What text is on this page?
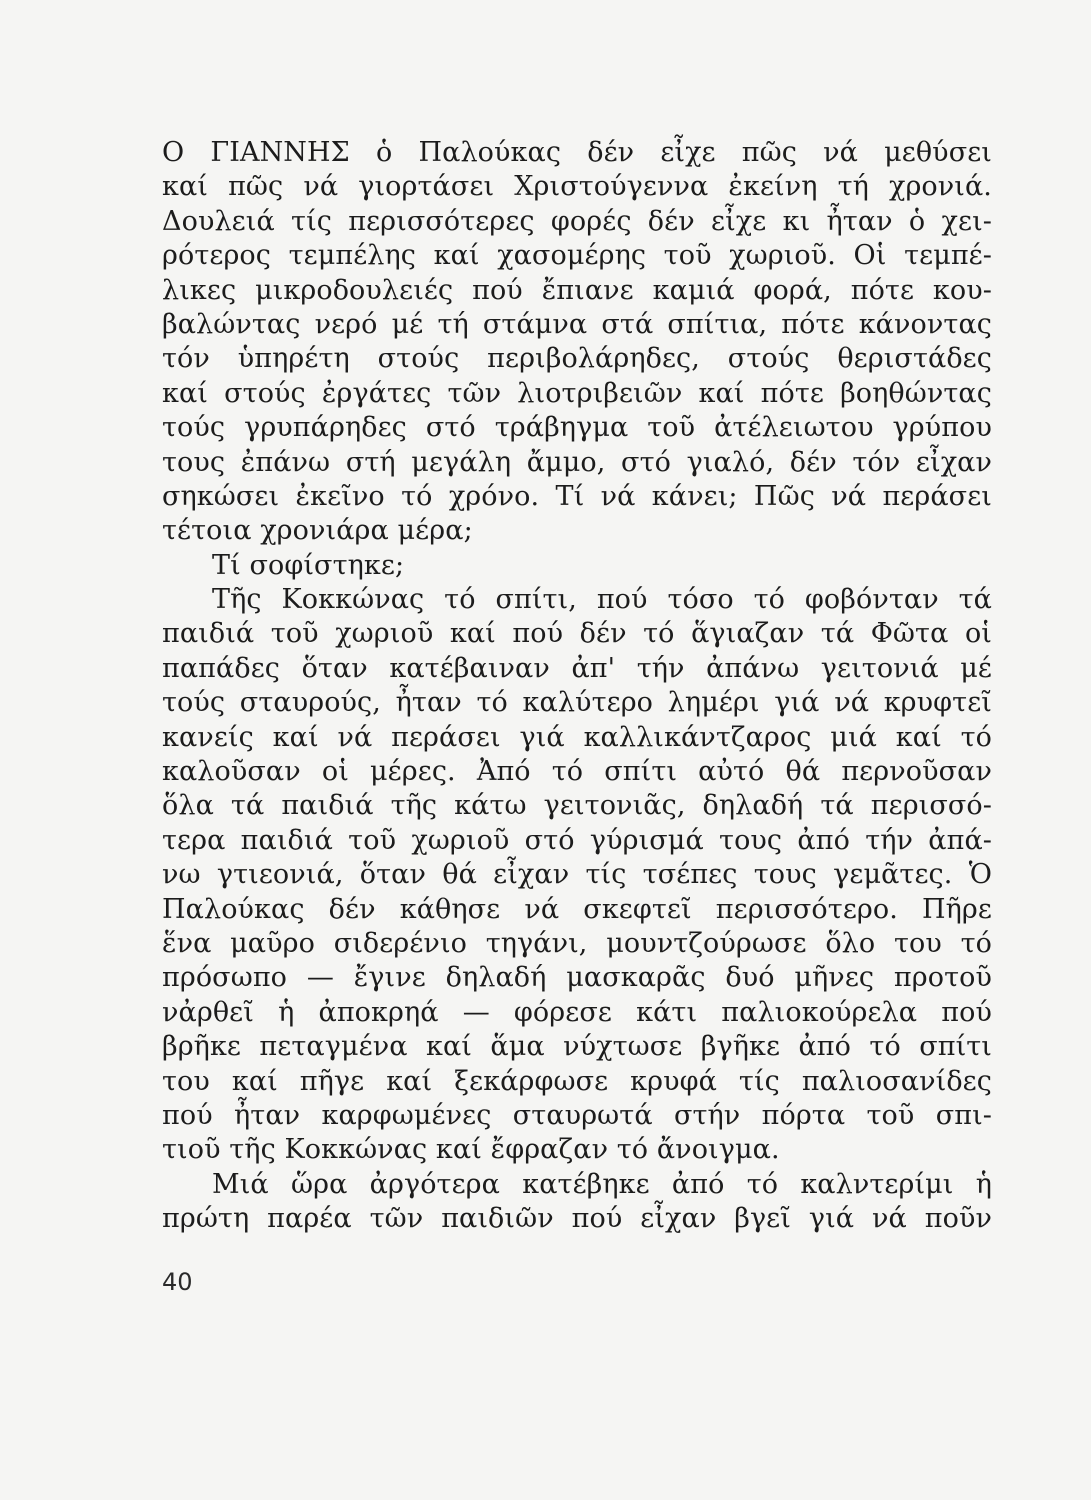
Ο ΓΙΑΝΝΗΣ ὁ Παλούκας δέν εἶχε πῶς νά μεθύσει
καί πῶς νά γιορτάσει Χριστούγεννα ἐκείνη τή χρονιά.
Δουλειά τίς περισσότερες φορές δέν εἶχε κι ἦταν ὁ χει-
ρότερος τεμπέλης καί χασομέρης τοῦ χωριοῦ. Οἱ τεμπέ-
λικες μικροδουλειές πού ἔπιανε καμιά φορά, πότε κου-
βαλώντας νερό μέ τή στάμνα στά σπίτια, πότε κάνοντας
τόν ὑπηρέτη στούς περιβολάρηδες, στούς θεριστάδες
καί στούς ἐργάτες τῶν λιοτριβειῶν καί πότε βοηθώντας
τούς γρυπάρηδες στό τράβηγμα τοῦ ἀτέλειωτου γρύπου
τους ἐπάνω στή μεγάλη ἄμμο, στό γιαλό, δέν τόν εἶχαν
σηκώσει ἐκεῖνο τό χρόνο. Τί νά κάνει; Πῶς νά περάσει
τέτοια χρονιάρα μέρα;
Τί σοφίστηκε;
Τῆς Κοκκώνας τό σπίτι, πού τόσο τό φοβόνταν τά
παιδιά τοῦ χωριοῦ καί πού δέν τό ἅγιαζαν τά Φῶτα οἱ
παπάδες ὅταν κατέβαιναν ἀπ' τήν ἀπάνω γειτονιά μέ
τούς σταυρούς, ἦταν τό καλύτερο λημέρι γιά νά κρυφτεῖ
κανείς καί νά περάσει γιά καλλικάντζαρος μιά καί τό
καλοῦσαν οἱ μέρες. Ἀπό τό σπίτι αὐτό θά περνοῦσαν
ὅλα τά παιδιά τῆς κάτω γειτονιᾶς, δηλαδή τά περισσό-
τερα παιδιά τοῦ χωριοῦ στό γύρισμά τους ἀπό τήν ἀπά-
νω γτιεονιά, ὅταν θά εἶχαν τίς τσέπες τους γεμᾶτες. Ὁ
Παλούκας δέν κάθησε νά σκεφτεῖ περισσότερο. Πῆρε
ἕνα μαῦρο σιδερένιο τηγάνι, μουντζούρωσε ὅλο του τό
πρόσωπο — ἔγινε δηλαδή μασκαρᾶς δυό μῆνες προτοῦ
νἀρθεῖ ἡ ἀποκρηά — φόρεσε κάτι παλιοκούρελα πού
βρῆκε πεταγμένα καί ἅμα νύχτωσε βγῆκε ἀπό τό σπίτι
του καί πῆγε καί ξεκάρφωσε κρυφά τίς παλιοσανίδες
πού ἦταν καρφωμένες σταυρωτά στήν πόρτα τοῦ σπι-
τιοῦ τῆς Κοκκώνας καί ἔφραζαν τό ἄνοιγμα.
Μιά ὥρα ἀργότερα κατέβηκε ἀπό τό καλντερίμι ἡ
πρώτη παρέα τῶν παιδιῶν πού εἶχαν βγεῖ γιά νά ποῦν
40
